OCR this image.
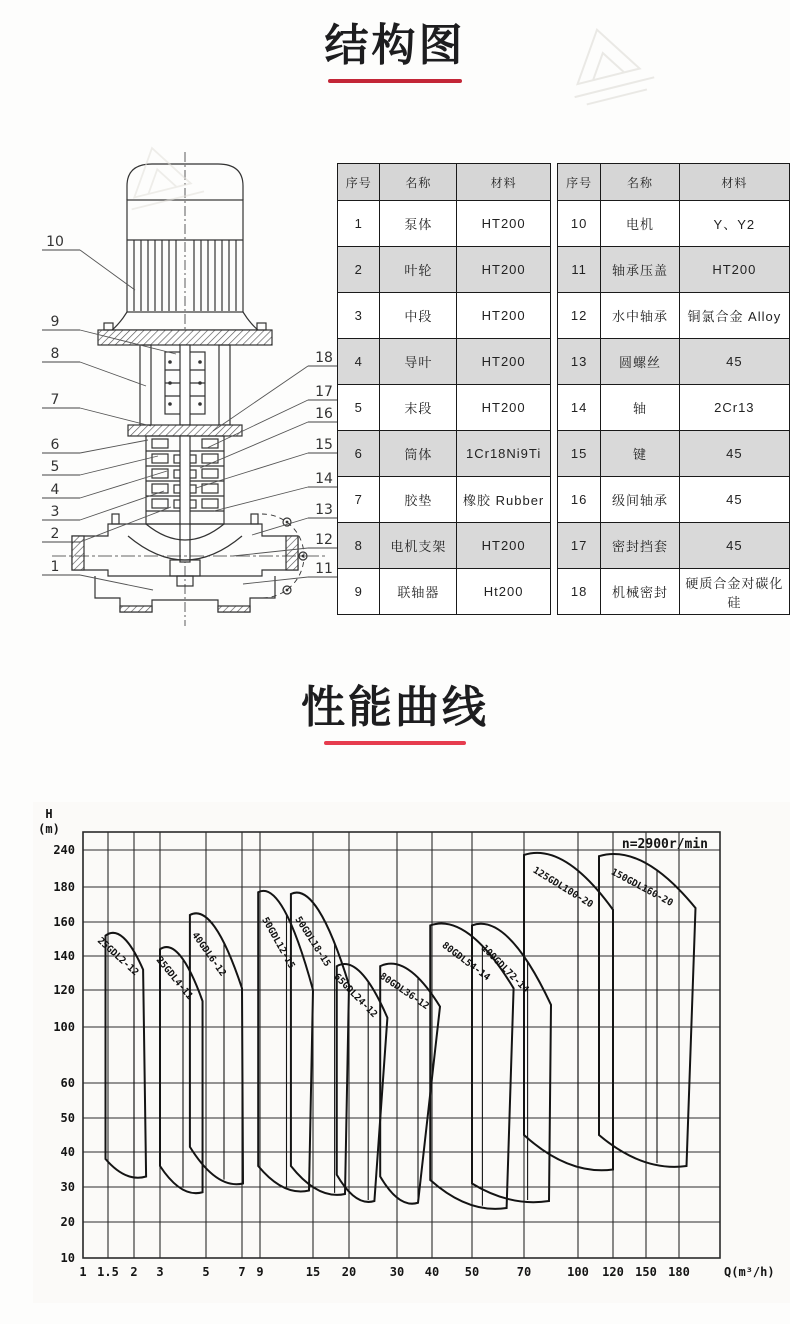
结构图
10
9
8
7
6
5
4
3
2
1
18
17
16
15
14
13
12
11
序号	名称	材料
1	泵体	HT200
2	叶轮	HT200
3	中段	HT200
4	导叶	HT200
5	末段	HT200
6	筒体	1Cr18Ni9Ti
7	胶垫	橡胶 Rubber
8	电机支架	HT200
9	联轴器	Ht200
序号	名称	材料
10	电机	Y、Y2
11	轴承压盖	HT200
12	水中轴承	铜氯合金 Alloy
13	圆螺丝	45
14	轴	2Cr13
15	键	45
16	级间轴承	45
17	密封挡套	45
18	机械密封	硬质合金对碳化硅
性能曲线
1 1.5 2 3	5 7 9	15 20	30 40 50	70	100 120 150 180
10
20
30
40
50
60
100
120
140
160
180
240
H
(m)
Q(m³/h)
n=2900r/min
25GDL2-12 25GDL4-11
40GDL6-12	50GDL12-15
50GDL18-15
65GDL24-12
80GDL36-12
80GDL54-14
100GDL72-14
125GDL100-20 150GDL160-20
